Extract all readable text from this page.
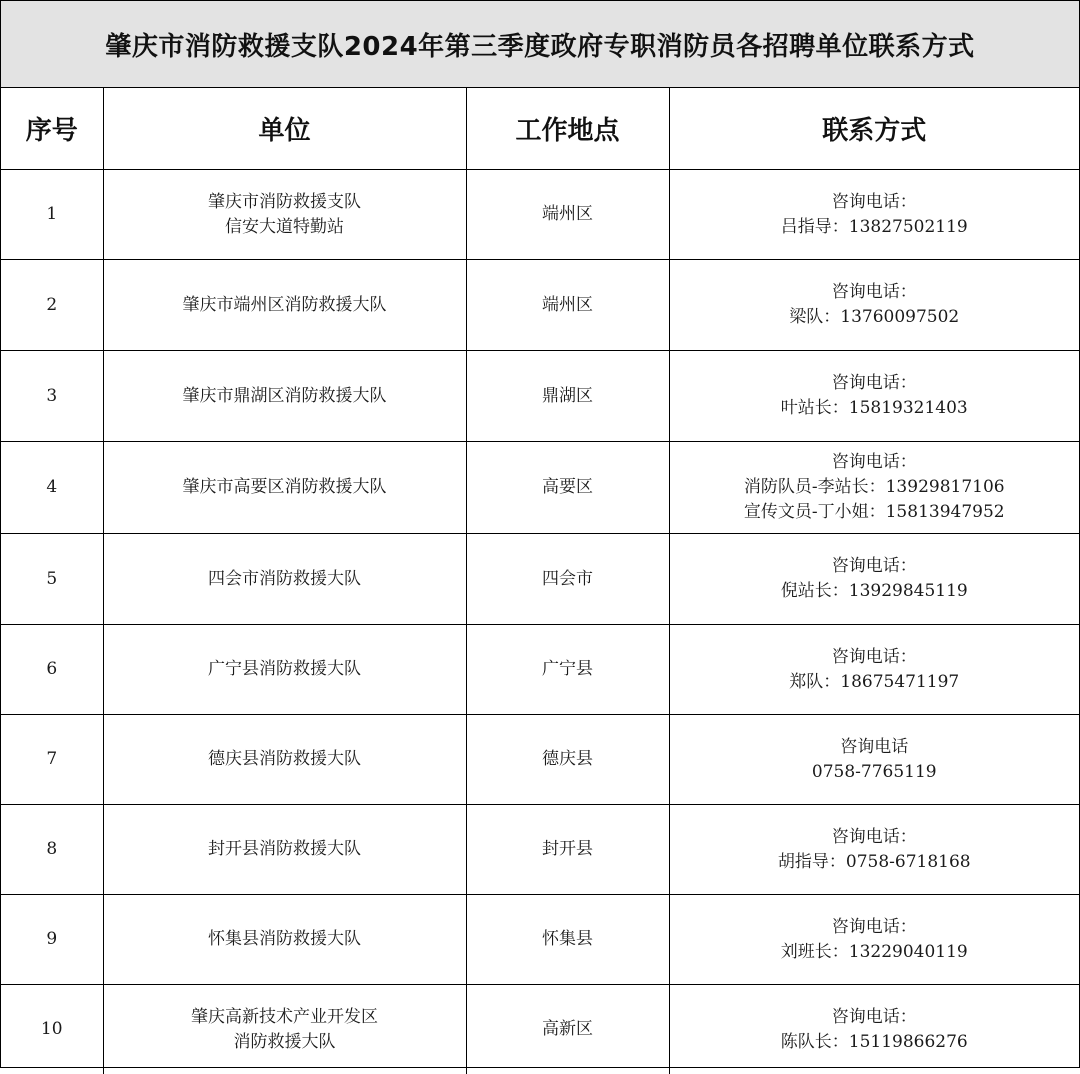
肇庆市消防救援支队2024年第三季度政府专职消防员各招聘单位联系方式
序号	单位	工作地点	联系方式
1	肇庆市消防救援支队
信安大道特勤站	端州区	咨询电话：
吕指导：13827502119

2	肇庆市端州区消防救援大队	端州区	咨询电话：
梁队：13760097502

3	肇庆市鼎湖区消防救援大队	鼎湖区	咨询电话：
叶站长：15819321403

4	肇庆市高要区消防救援大队	高要区	咨询电话：
消防队员-李站长：13929817106
宣传文员-丁小姐：15813947952

5	四会市消防救援大队	四会市	咨询电话：
倪站长：13929845119

6	广宁县消防救援大队	广宁县	咨询电话：
郑队：18675471197

7	德庆县消防救援大队	德庆县	咨询电话
0758-7765119

8	封开县消防救援大队	封开县	咨询电话：
胡指导：0758-6718168

9	怀集县消防救援大队	怀集县	咨询电话：
刘班长：13229040119

10	肇庆高新技术产业开发区
消防救援大队	高新区	咨询电话：
陈队长：15119866276
